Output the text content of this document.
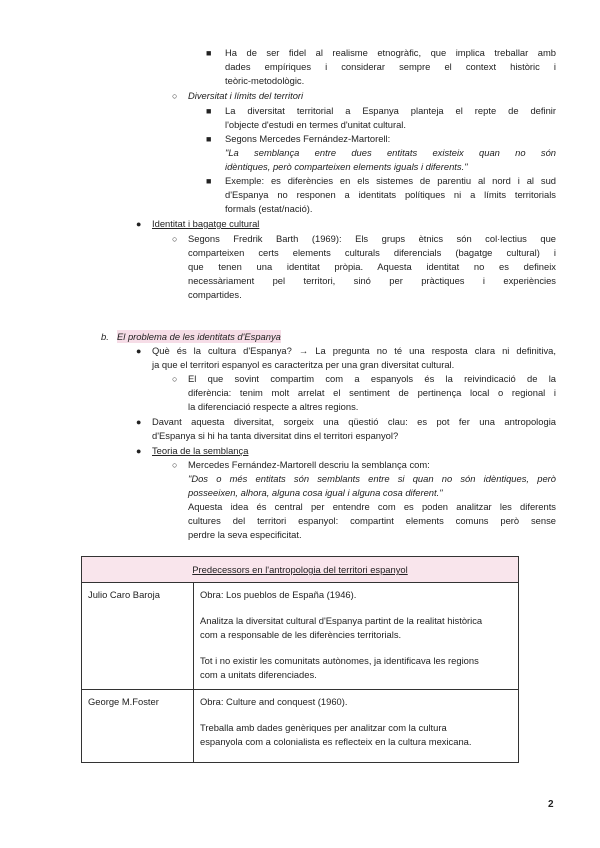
■ Ha de ser fidel al realisme etnogràfic, que implica treballar amb
dades empíriques i considerar sempre el context històric i
teòric-metodològic.
○ Diversitat i límits del territori
■ La diversitat territorial a Espanya planteja el repte de definir
l'objecte d'estudi en termes d'unitat cultural.
■ Segons Mercedes Fernández-Martorell:
"La semblança entre dues entitats existeix quan no són
idèntiques, però comparteixen elements iguals i diferents."
■ Exemple: es diferències en els sistemes de parentiu al nord i al sud
d'Espanya no responen a identitats polítiques ni a límits territorials
formals (estat/nació).
● Identitat i bagatge cultural
○ Segons Fredrik Barth (1969): Els grups ètnics són col·lectius que
comparteixen certs elements culturals diferencials (bagatge cultural) i
que tenen una identitat pròpia. Aquesta identitat no es defineix
necessàriament pel territori, sinó per pràctiques i experiències
compartides.
b. El problema de les identitats d'Espanya
● Què és la cultura d'Espanya? → La pregunta no té una resposta clara ni definitiva,
ja que el territori espanyol es caracteritza per una gran diversitat cultural.
○ El que sovint compartim com a espanyols és la reivindicació de la
diferència: tenim molt arrelat el sentiment de pertinença local o regional i
la diferenciació respecte a altres regions.
● Davant aquesta diversitat, sorgeix una qüestió clau: es pot fer una antropologia
d'Espanya si hi ha tanta diversitat dins el territori espanyol?
● Teoria de la semblança
○ Mercedes Fernández-Martorell descriu la semblança com:
"Dos o més entitats són semblants entre si quan no són idèntiques, però
posseeixen, alhora, alguna cosa igual i alguna cosa diferent."
Aquesta idea és central per entendre com es poden analitzar les diferents
cultures del territori espanyol: compartint elements comuns però sense
perdre la seva especificitat.
Predecessors en l'antropologia del territori espanyol	

Julio Caro Baroja	Obra: Los pueblos de España (1946).
Analitza la diversitat cultural d'Espanya partint de la realitat històrica
com a responsable de les diferències territorials.
Tot i no existir les comunitats autònomes, ja identificava les regions
com a unitats diferenciades.

George M.Foster	Obra: Culture and conquest (1960).
Treballa amb dades genèriques per analitzar com la cultura
espanyola com a colonialista es reflecteix en la cultura mexicana.
2
